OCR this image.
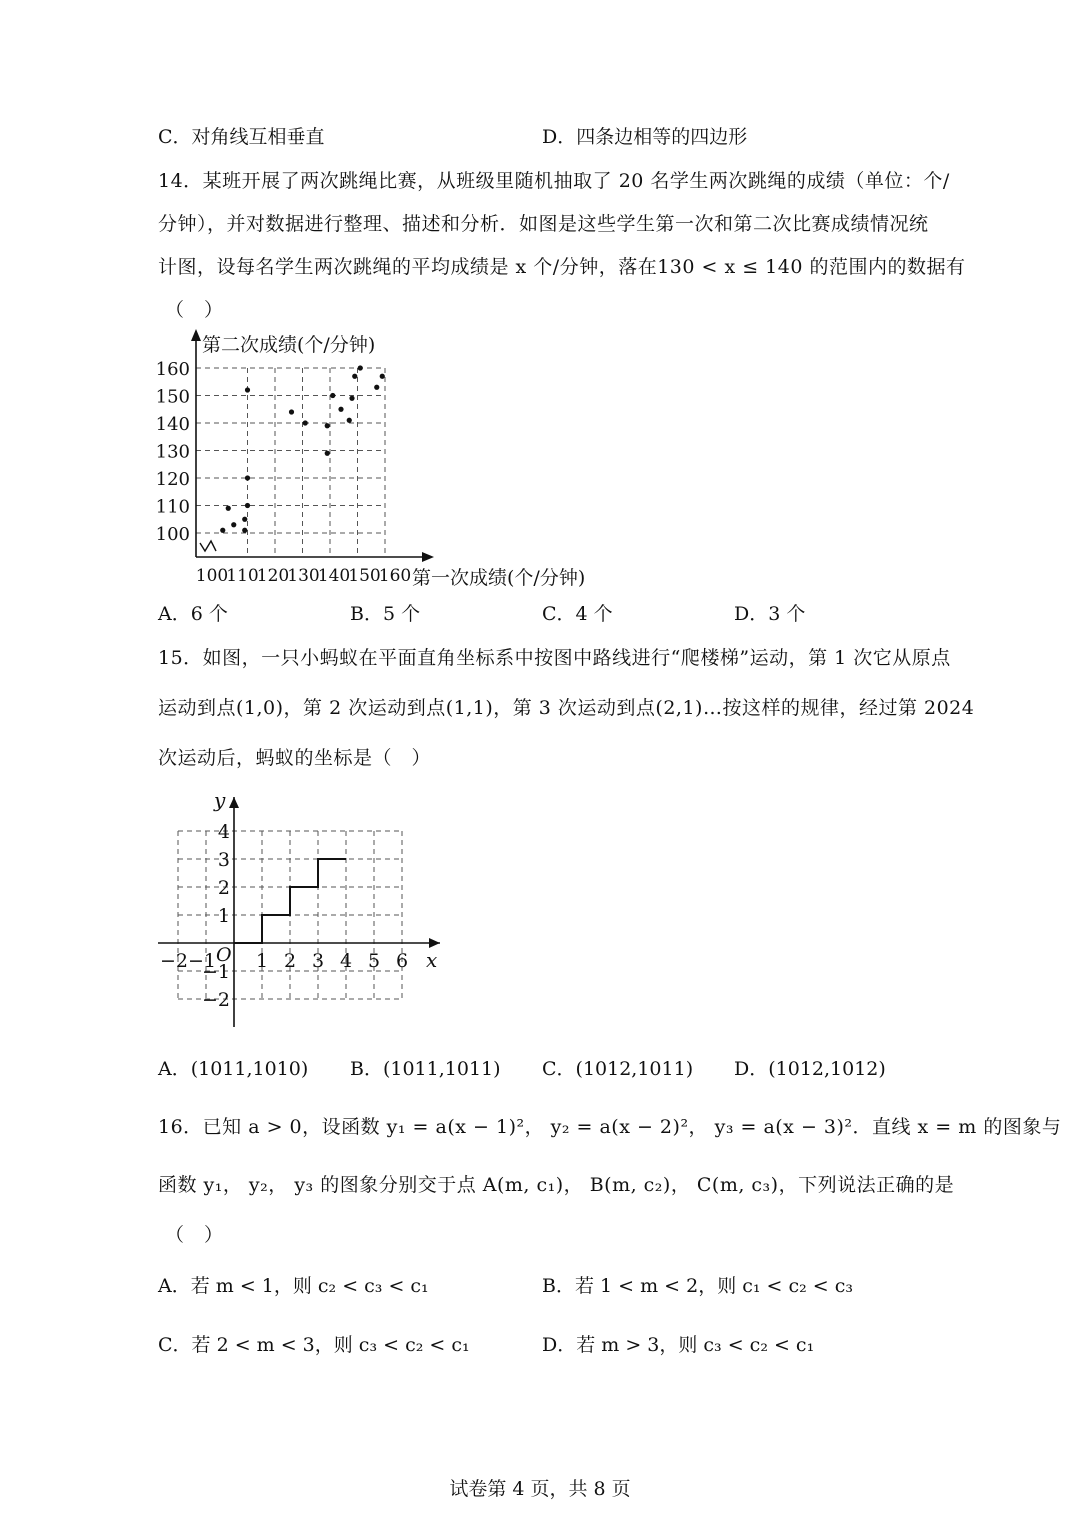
C．对角线互相垂直	D．四条边相等的四边形
14．某班开展了两次跳绳比赛，从班级里随机抽取了 20 名学生两次跳绳的成绩（单位：个/
分钟），并对数据进行整理、描述和分析．如图是这些学生第一次和第二次比赛成绩情况统
计图，设每名学生两次跳绳的平均成绩是 x 个/分钟，落在130 < x ≤ 140 的范围内的数据有
（　）
100
110
120
130
140
150
160
100
110
120
130
140
150
160
第二次成绩(个/分钟)
第一次成绩(个/分钟)
A．6 个	B．5 个	C．4 个	D．3 个
15．如图，一只小蚂蚁在平面直角坐标系中按图中路线进行“爬楼梯”运动，第 1 次它从原点
运动到点(1,0)，第 2 次运动到点(1,1)，第 3 次运动到点(2,1)…按这样的规律，经过第 2024
次运动后，蚂蚁的坐标是（　）
−2 −1 1 2 3 4 5 6
4
3
2
1
−1
−2
y
x
O
A．(1011,1010) B．(1011,1011) C．(1012,1011) D．(1012,1012)
16．已知 a > 0，设函数 y₁ = a(x − 1)²， y₂ = a(x − 2)²， y₃ = a(x − 3)²．直线 x = m 的图象与
函数 y₁， y₂， y₃ 的图象分别交于点 A(m, c₁)， B(m, c₂)， C(m, c₃)，下列说法正确的是
（　）
A．若 m < 1，则 c₂ < c₃ < c₁	B．若 1 < m < 2，则 c₁ < c₂ < c₃
C．若 2 < m < 3，则 c₃ < c₂ < c₁	D．若 m > 3，则 c₃ < c₂ < c₁
试卷第 4 页，共 8 页
